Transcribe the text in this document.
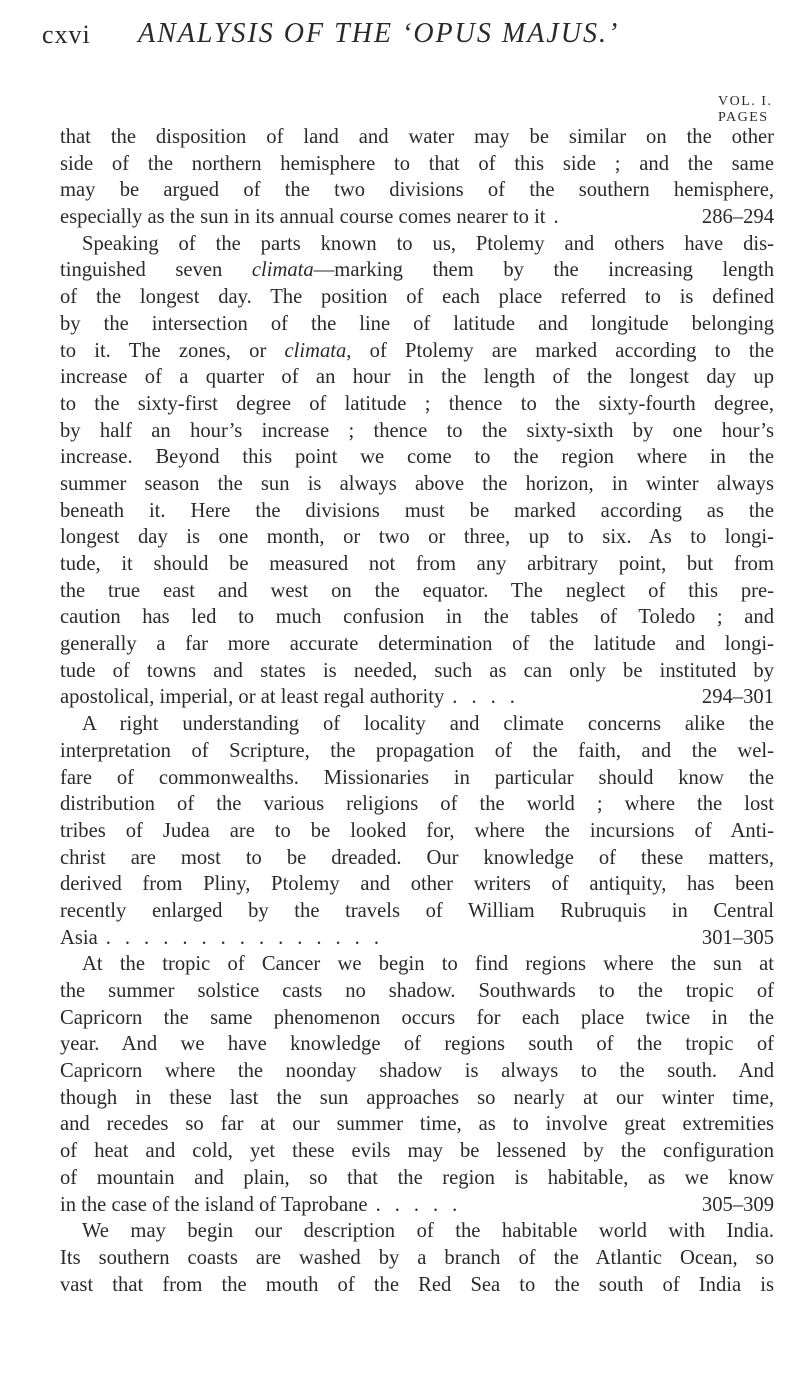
cxvi ANALYSIS OF THE ‘OPUS MAJUS.’
VOL. I. PAGES
that the disposition of land and water may be similar on the other
side of the northern hemisphere to that of this side ; and the same
may be argued of the two divisions of the southern hemisphere,
especially as the sun in its annual course comes nearer to it .	286–294
Speaking of the parts known to us, Ptolemy and others have dis-
tinguished seven climata—marking them by the increasing length
of the longest day. The position of each place referred to is defined
by the intersection of the line of latitude and longitude belonging
to it. The zones, or climata, of Ptolemy are marked according to the
increase of a quarter of an hour in the length of the longest day up
to the sixty-first degree of latitude ; thence to the sixty-fourth degree,
by half an hour’s increase ; thence to the sixty-sixth by one hour’s
increase. Beyond this point we come to the region where in the
summer season the sun is always above the horizon, in winter always
beneath it. Here the divisions must be marked according as the
longest day is one month, or two or three, up to six. As to longi-
tude, it should be measured not from any arbitrary point, but from
the true east and west on the equator. The neglect of this pre-
caution has led to much confusion in the tables of Toledo ; and
generally a far more accurate determination of the latitude and longi-
tude of towns and states is needed, such as can only be instituted by
apostolical, imperial, or at least regal authority ....	294–301
A right understanding of locality and climate concerns alike the
interpretation of Scripture, the propagation of the faith, and the wel-
fare of commonwealths. Missionaries in particular should know the
distribution of the various religions of the world ; where the lost
tribes of Judea are to be looked for, where the incursions of Anti-
christ are most to be dreaded. Our knowledge of these matters,
derived from Pliny, Ptolemy and other writers of antiquity, has been
recently enlarged by the travels of William Rubruquis in Central
Asia ...............	301–305
At the tropic of Cancer we begin to find regions where the sun at
the summer solstice casts no shadow. Southwards to the tropic of
Capricorn the same phenomenon occurs for each place twice in the
year. And we have knowledge of regions south of the tropic of
Capricorn where the noonday shadow is always to the south. And
though in these last the sun approaches so nearly at our winter time,
and recedes so far at our summer time, as to involve great extremities
of heat and cold, yet these evils may be lessened by the configuration
of mountain and plain, so that the region is habitable, as we know
in the case of the island of Taprobane .....	305–309
We may begin our description of the habitable world with India.
Its southern coasts are washed by a branch of the Atlantic Ocean, so
vast that from the mouth of the Red Sea to the south of India is
